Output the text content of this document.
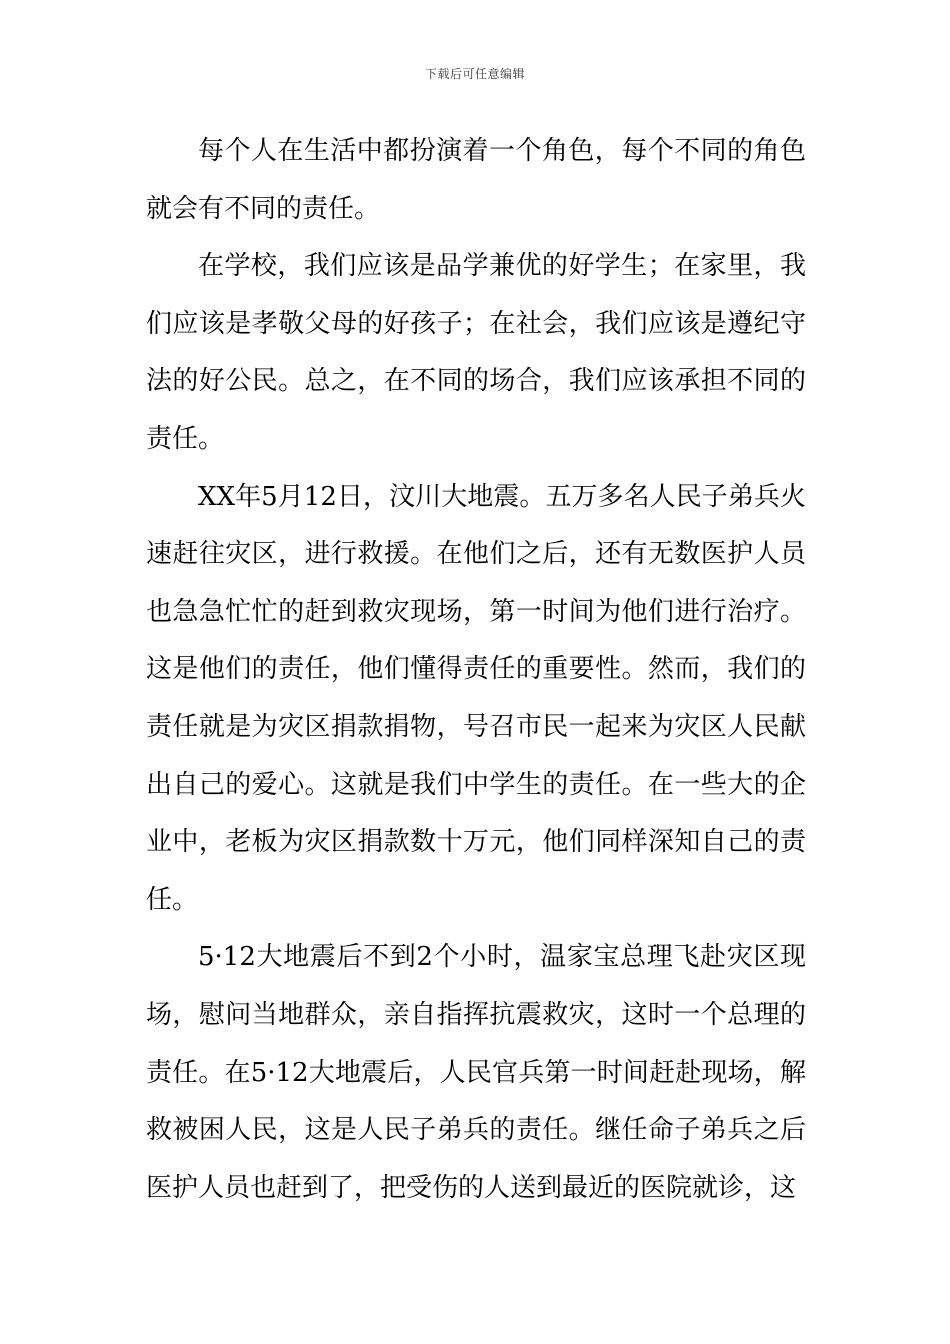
下载后可任意编辑

每个人在生活中都扮演着一个角色，每个不同的角色就会有不同的责任。

在学校，我们应该是品学兼优的好学生；在家里，我们应该是孝敬父母的好孩子；在社会，我们应该是遵纪守法的好公民。总之，在不同的场合，我们应该承担不同的责任。

XX年5月12日，汶川大地震。五万多名人民子弟兵火速赶往灾区，进行救援。在他们之后，还有无数医护人员也急急忙忙的赶到救灾现场，第一时间为他们进行治疗。这是他们的责任，他们懂得责任的重要性。然而，我们的责任就是为灾区捐款捐物，号召市民一起来为灾区人民献出自己的爱心。这就是我们中学生的责任。在一些大的企业中，老板为灾区捐款数十万元，他们同样深知自己的责任。

5·12大地震后不到2个小时，温家宝总理飞赴灾区现场，慰问当地群众，亲自指挥抗震救灾，这时一个总理的责任。在5·12大地震后，人民官兵第一时间赶赴现场，解救被困人民，这是人民子弟兵的责任。继任命子弟兵之后医护人员也赶到了，把受伤的人送到最近的医院就诊，这
